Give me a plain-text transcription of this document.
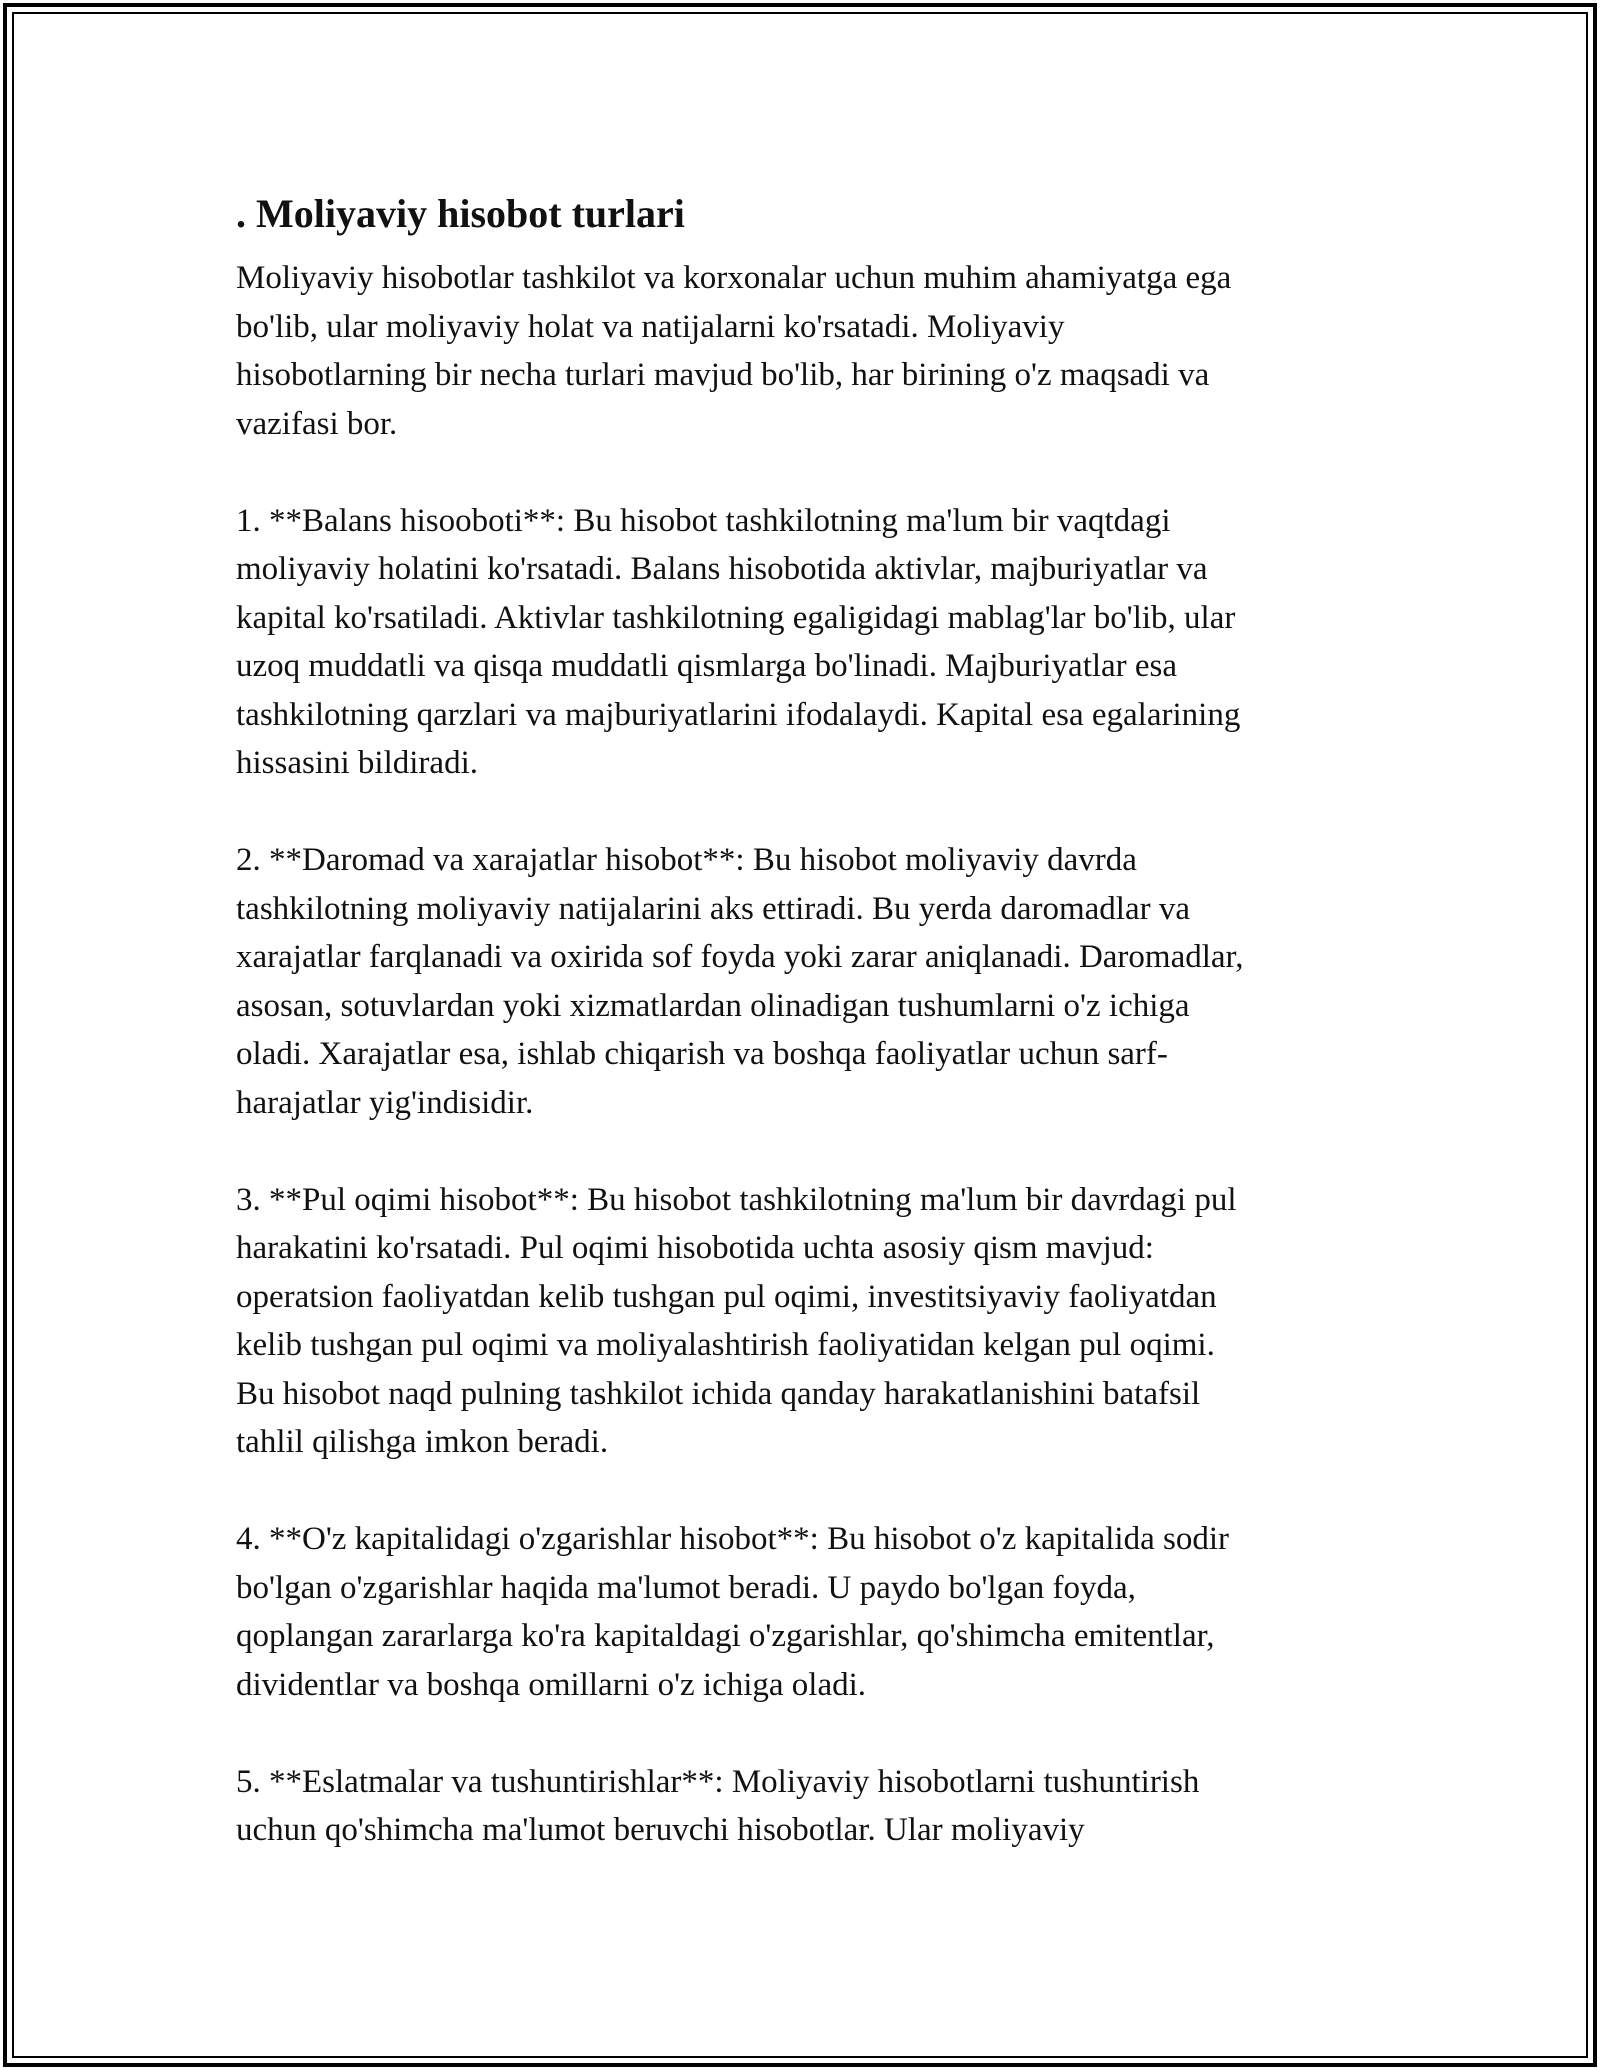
. Moliyaviy hisobot turlari
Moliyaviy hisobotlar tashkilot va korxonalar uchun muhim ahamiyatga ega
bo'lib, ular moliyaviy holat va natijalarni ko'rsatadi. Moliyaviy
hisobotlarning bir necha turlari mavjud bo'lib, har birining o'z maqsadi va
vazifasi bor.
1. **Balans hisooboti**: Bu hisobot tashkilotning ma'lum bir vaqtdagi
moliyaviy holatini ko'rsatadi. Balans hisobotida aktivlar, majburiyatlar va
kapital ko'rsatiladi. Aktivlar tashkilotning egaligidagi mablag'lar bo'lib, ular
uzoq muddatli va qisqa muddatli qismlarga bo'linadi. Majburiyatlar esa
tashkilotning qarzlari va majburiyatlarini ifodalaydi. Kapital esa egalarining
hissasini bildiradi.
2. **Daromad va xarajatlar hisobot**: Bu hisobot moliyaviy davrda
tashkilotning moliyaviy natijalarini aks ettiradi. Bu yerda daromadlar va
xarajatlar farqlanadi va oxirida sof foyda yoki zarar aniqlanadi. Daromadlar,
asosan, sotuvlardan yoki xizmatlardan olinadigan tushumlarni o'z ichiga
oladi. Xarajatlar esa, ishlab chiqarish va boshqa faoliyatlar uchun sarf-
harajatlar yig'indisidir.
3. **Pul oqimi hisobot**: Bu hisobot tashkilotning ma'lum bir davrdagi pul
harakatini ko'rsatadi. Pul oqimi hisobotida uchta asosiy qism mavjud:
operatsion faoliyatdan kelib tushgan pul oqimi, investitsiyaviy faoliyatdan
kelib tushgan pul oqimi va moliyalashtirish faoliyatidan kelgan pul oqimi.
Bu hisobot naqd pulning tashkilot ichida qanday harakatlanishini batafsil
tahlil qilishga imkon beradi.
4. **O'z kapitalidagi o'zgarishlar hisobot**: Bu hisobot o'z kapitalida sodir
bo'lgan o'zgarishlar haqida ma'lumot beradi. U paydo bo'lgan foyda,
qoplangan zararlarga ko'ra kapitaldagi o'zgarishlar, qo'shimcha emitentlar,
dividentlar va boshqa omillarni o'z ichiga oladi.
5. **Eslatmalar va tushuntirishlar**: Moliyaviy hisobotlarni tushuntirish
uchun qo'shimcha ma'lumot beruvchi hisobotlar. Ular moliyaviy
